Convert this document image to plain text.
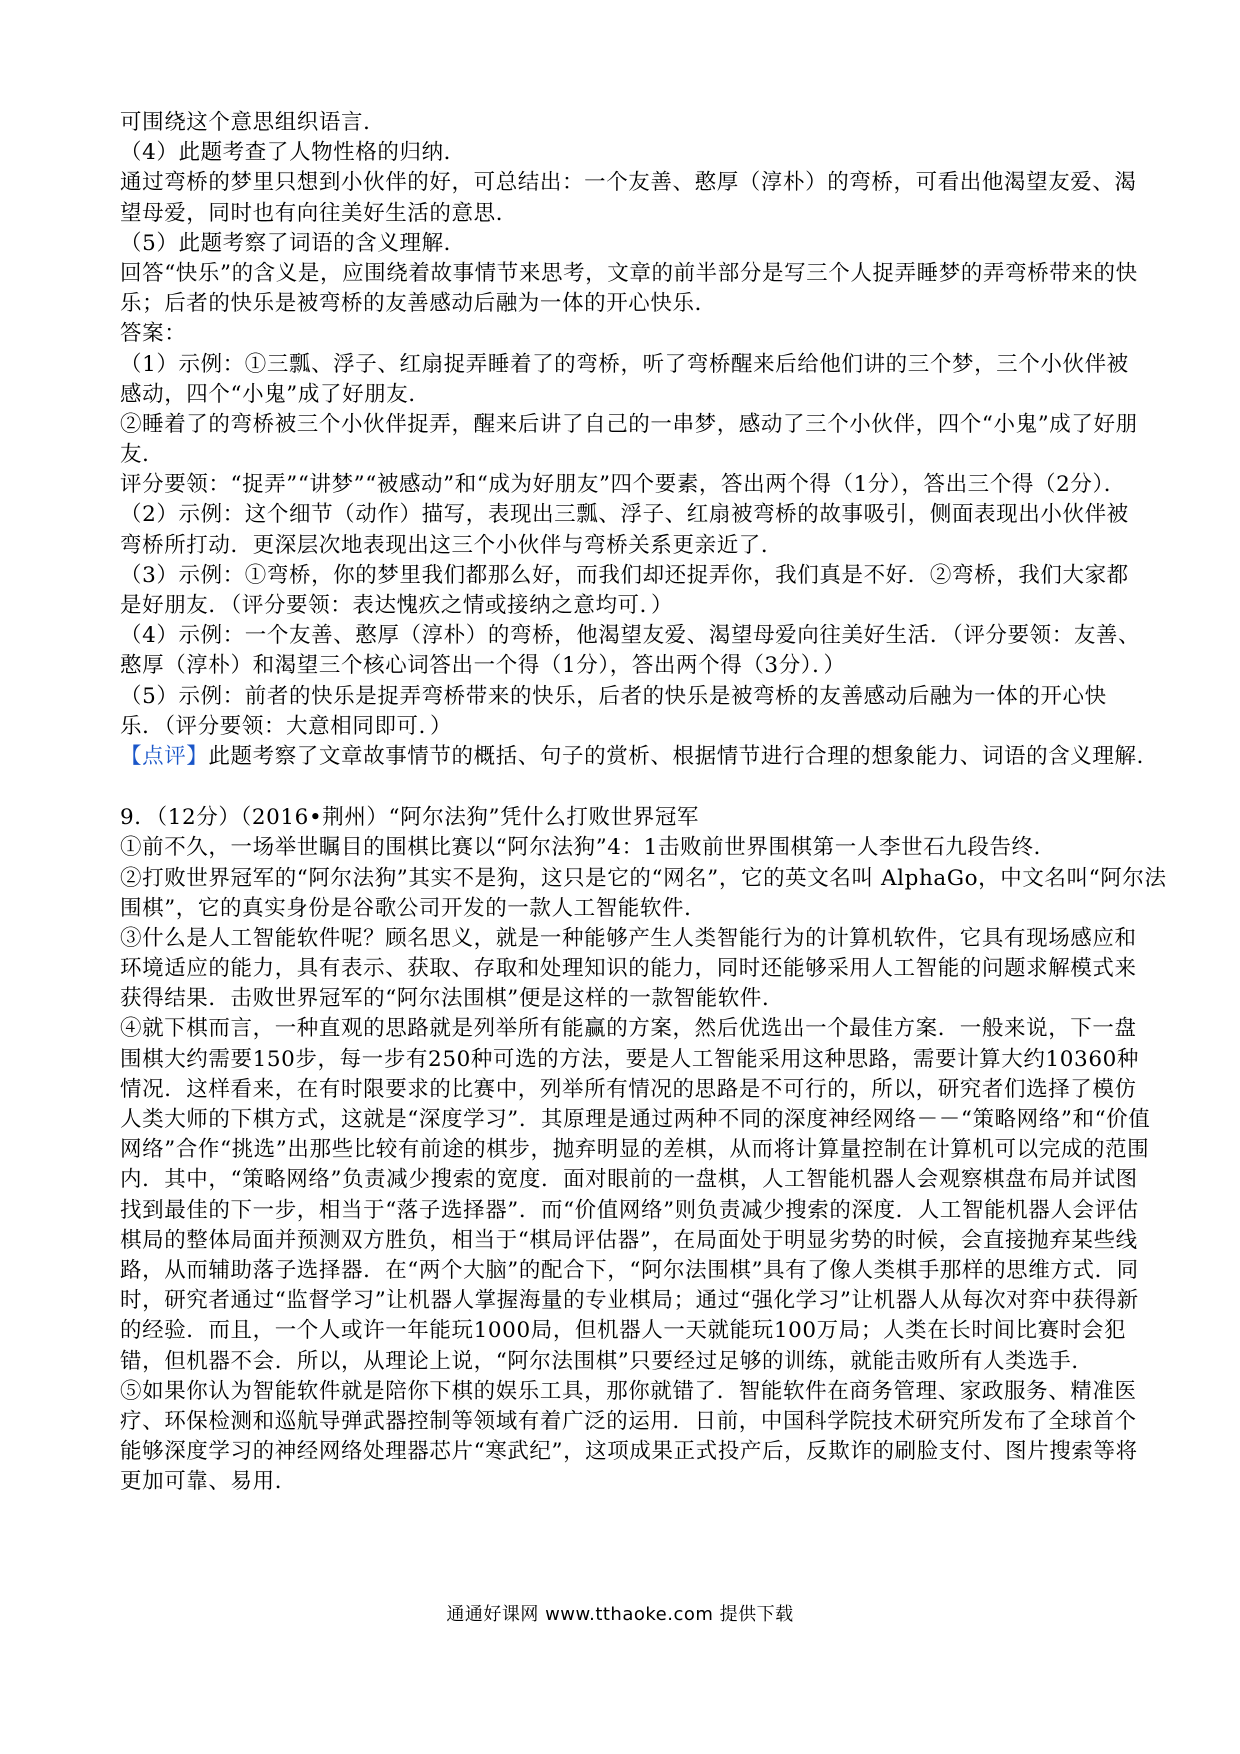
可围绕这个意思组织语言．
（4）此题考查了人物性格的归纳．
通过弯桥的梦里只想到小伙伴的好，可总结出：一个友善、憨厚（淳朴）的弯桥，可看出他渴望友爱、渴
望母爱，同时也有向往美好生活的意思．
（5）此题考察了词语的含义理解．
回答“快乐”的含义是，应围绕着故事情节来思考，文章的前半部分是写三个人捉弄睡梦的弄弯桥带来的快
乐；后者的快乐是被弯桥的友善感动后融为一体的开心快乐．
答案：
（1）示例：①三瓢、浮子、红扇捉弄睡着了的弯桥，听了弯桥醒来后给他们讲的三个梦，三个小伙伴被
感动，四个“小鬼”成了好朋友．
②睡着了的弯桥被三个小伙伴捉弄，醒来后讲了自己的一串梦，感动了三个小伙伴，四个“小鬼”成了好朋
友．
评分要领：“捉弄”“讲梦”“被感动”和“成为好朋友”四个要素，答出两个得（1分），答出三个得（2分）．
（2）示例：这个细节（动作）描写，表现出三瓢、浮子、红扇被弯桥的故事吸引，侧面表现出小伙伴被
弯桥所打动．更深层次地表现出这三个小伙伴与弯桥关系更亲近了．
（3）示例：①弯桥，你的梦里我们都那么好，而我们却还捉弄你，我们真是不好．②弯桥，我们大家都
是好朋友．（评分要领：表达愧疚之情或接纳之意均可．）
（4）示例：一个友善、憨厚（淳朴）的弯桥，他渴望友爱、渴望母爱向往美好生活．（评分要领：友善、
憨厚（淳朴）和渴望三个核心词答出一个得（1分），答出两个得（3分）．）
（5）示例：前者的快乐是捉弄弯桥带来的快乐，后者的快乐是被弯桥的友善感动后融为一体的开心快
乐．（评分要领：大意相同即可．）
【点评】此题考察了文章故事情节的概括、句子的赏析、根据情节进行合理的想象能力、词语的含义理解．
9．（12分）（2016•荆州）“阿尔法狗”凭什么打败世界冠军
①前不久，一场举世瞩目的围棋比赛以“阿尔法狗”4：1击败前世界围棋第一人李世石九段告终．
②打败世界冠军的“阿尔法狗”其实不是狗，这只是它的“网名”，它的英文名叫 AlphaGo，中文名叫“阿尔法
围棋”，它的真实身份是谷歌公司开发的一款人工智能软件．
③什么是人工智能软件呢？顾名思义，就是一种能够产生人类智能行为的计算机软件，它具有现场感应和
环境适应的能力，具有表示、获取、存取和处理知识的能力，同时还能够采用人工智能的问题求解模式来
获得结果．击败世界冠军的“阿尔法围棋”便是这样的一款智能软件．
④就下棋而言，一种直观的思路就是列举所有能赢的方案，然后优选出一个最佳方案．一般来说，下一盘
围棋大约需要150步，每一步有250种可选的方法，要是人工智能采用这种思路，需要计算大约10360种
情况．这样看来，在有时限要求的比赛中，列举所有情况的思路是不可行的，所以，研究者们选择了模仿
人类大师的下棋方式，这就是“深度学习”．其原理是通过两种不同的深度神经网络－－“策略网络”和“价值
网络”合作“挑选”出那些比较有前途的棋步，抛弃明显的差棋，从而将计算量控制在计算机可以完成的范围
内．其中，“策略网络”负责减少搜索的宽度．面对眼前的一盘棋，人工智能机器人会观察棋盘布局并试图
找到最佳的下一步，相当于“落子选择器”．而“价值网络”则负责减少搜索的深度．人工智能机器人会评估
棋局的整体局面并预测双方胜负，相当于“棋局评估器”，在局面处于明显劣势的时候，会直接抛弃某些线
路，从而辅助落子选择器．在“两个大脑”的配合下，“阿尔法围棋”具有了像人类棋手那样的思维方式．同
时，研究者通过“监督学习”让机器人掌握海量的专业棋局；通过“强化学习”让机器人从每次对弈中获得新
的经验．而且，一个人或许一年能玩1000局，但机器人一天就能玩100万局；人类在长时间比赛时会犯
错，但机器不会．所以，从理论上说，“阿尔法围棋”只要经过足够的训练，就能击败所有人类选手．
⑤如果你认为智能软件就是陪你下棋的娱乐工具，那你就错了．智能软件在商务管理、家政服务、精准医
疗、环保检测和巡航导弹武器控制等领域有着广泛的运用．日前，中国科学院技术研究所发布了全球首个
能够深度学习的神经网络处理器芯片“寒武纪”，这项成果正式投产后，反欺诈的刷脸支付、图片搜索等将
更加可靠、易用．
通通好课网 www.tthaoke.com 提供下载
